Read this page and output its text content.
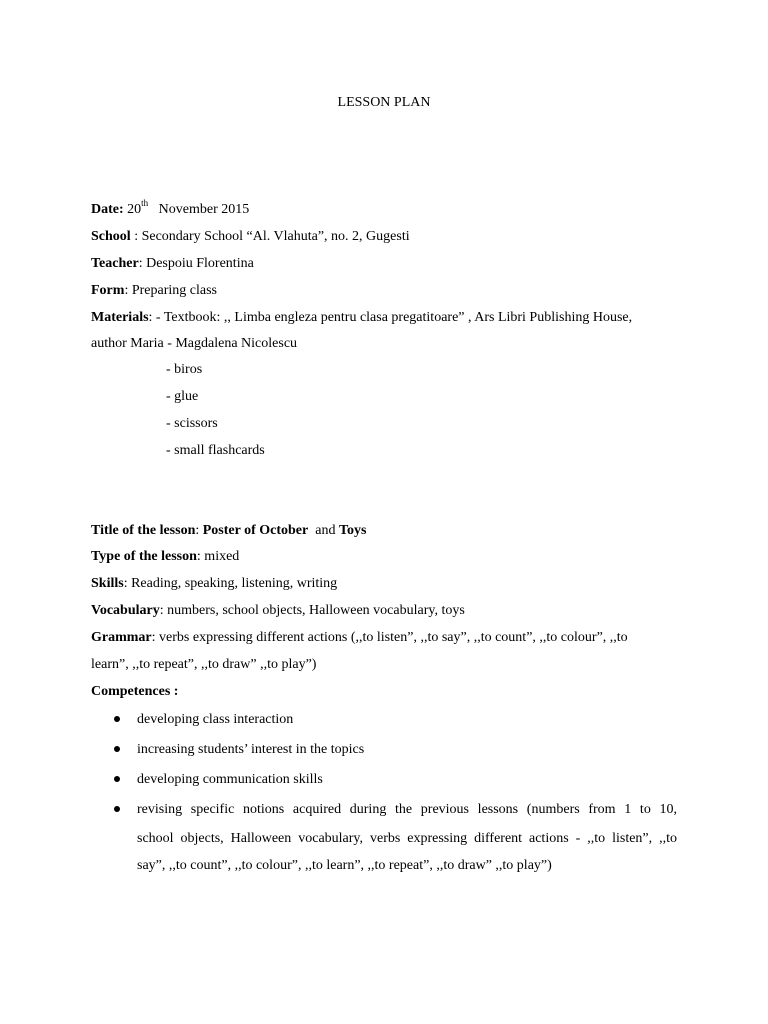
LESSON PLAN
Date: 20th November 2015
School : Secondary School “Al. Vlahuta”, no. 2, Gugesti
Teacher: Despoiu Florentina
Form: Preparing class
Materials: - Textbook: ,, Limba engleza pentru clasa pregatitoare” , Ars Libri Publishing House,
author Maria - Magdalena Nicolescu
- biros
- glue
- scissors
- small flashcards
Title of the lesson: Poster of October  and Toys
Type of the lesson: mixed
Skills: Reading, speaking, listening, writing
Vocabulary: numbers, school objects, Halloween vocabulary, toys
Grammar: verbs expressing different actions (,,to listen”, ,,to say”, ,,to count”, ,,to colour”, ,,to
learn”, ,,to repeat”, ,,to draw” ,,to play”)
Competences :
developing class interaction
increasing students’ interest in the topics
developing communication skills
revising specific notions acquired during the previous lessons (numbers from 1 to 10,
school objects, Halloween vocabulary, verbs expressing different actions - ,,to listen”, ,,to
say”, ,,to count”, ,,to colour”, ,,to learn”, ,,to repeat”, ,,to draw” ,,to play”)
